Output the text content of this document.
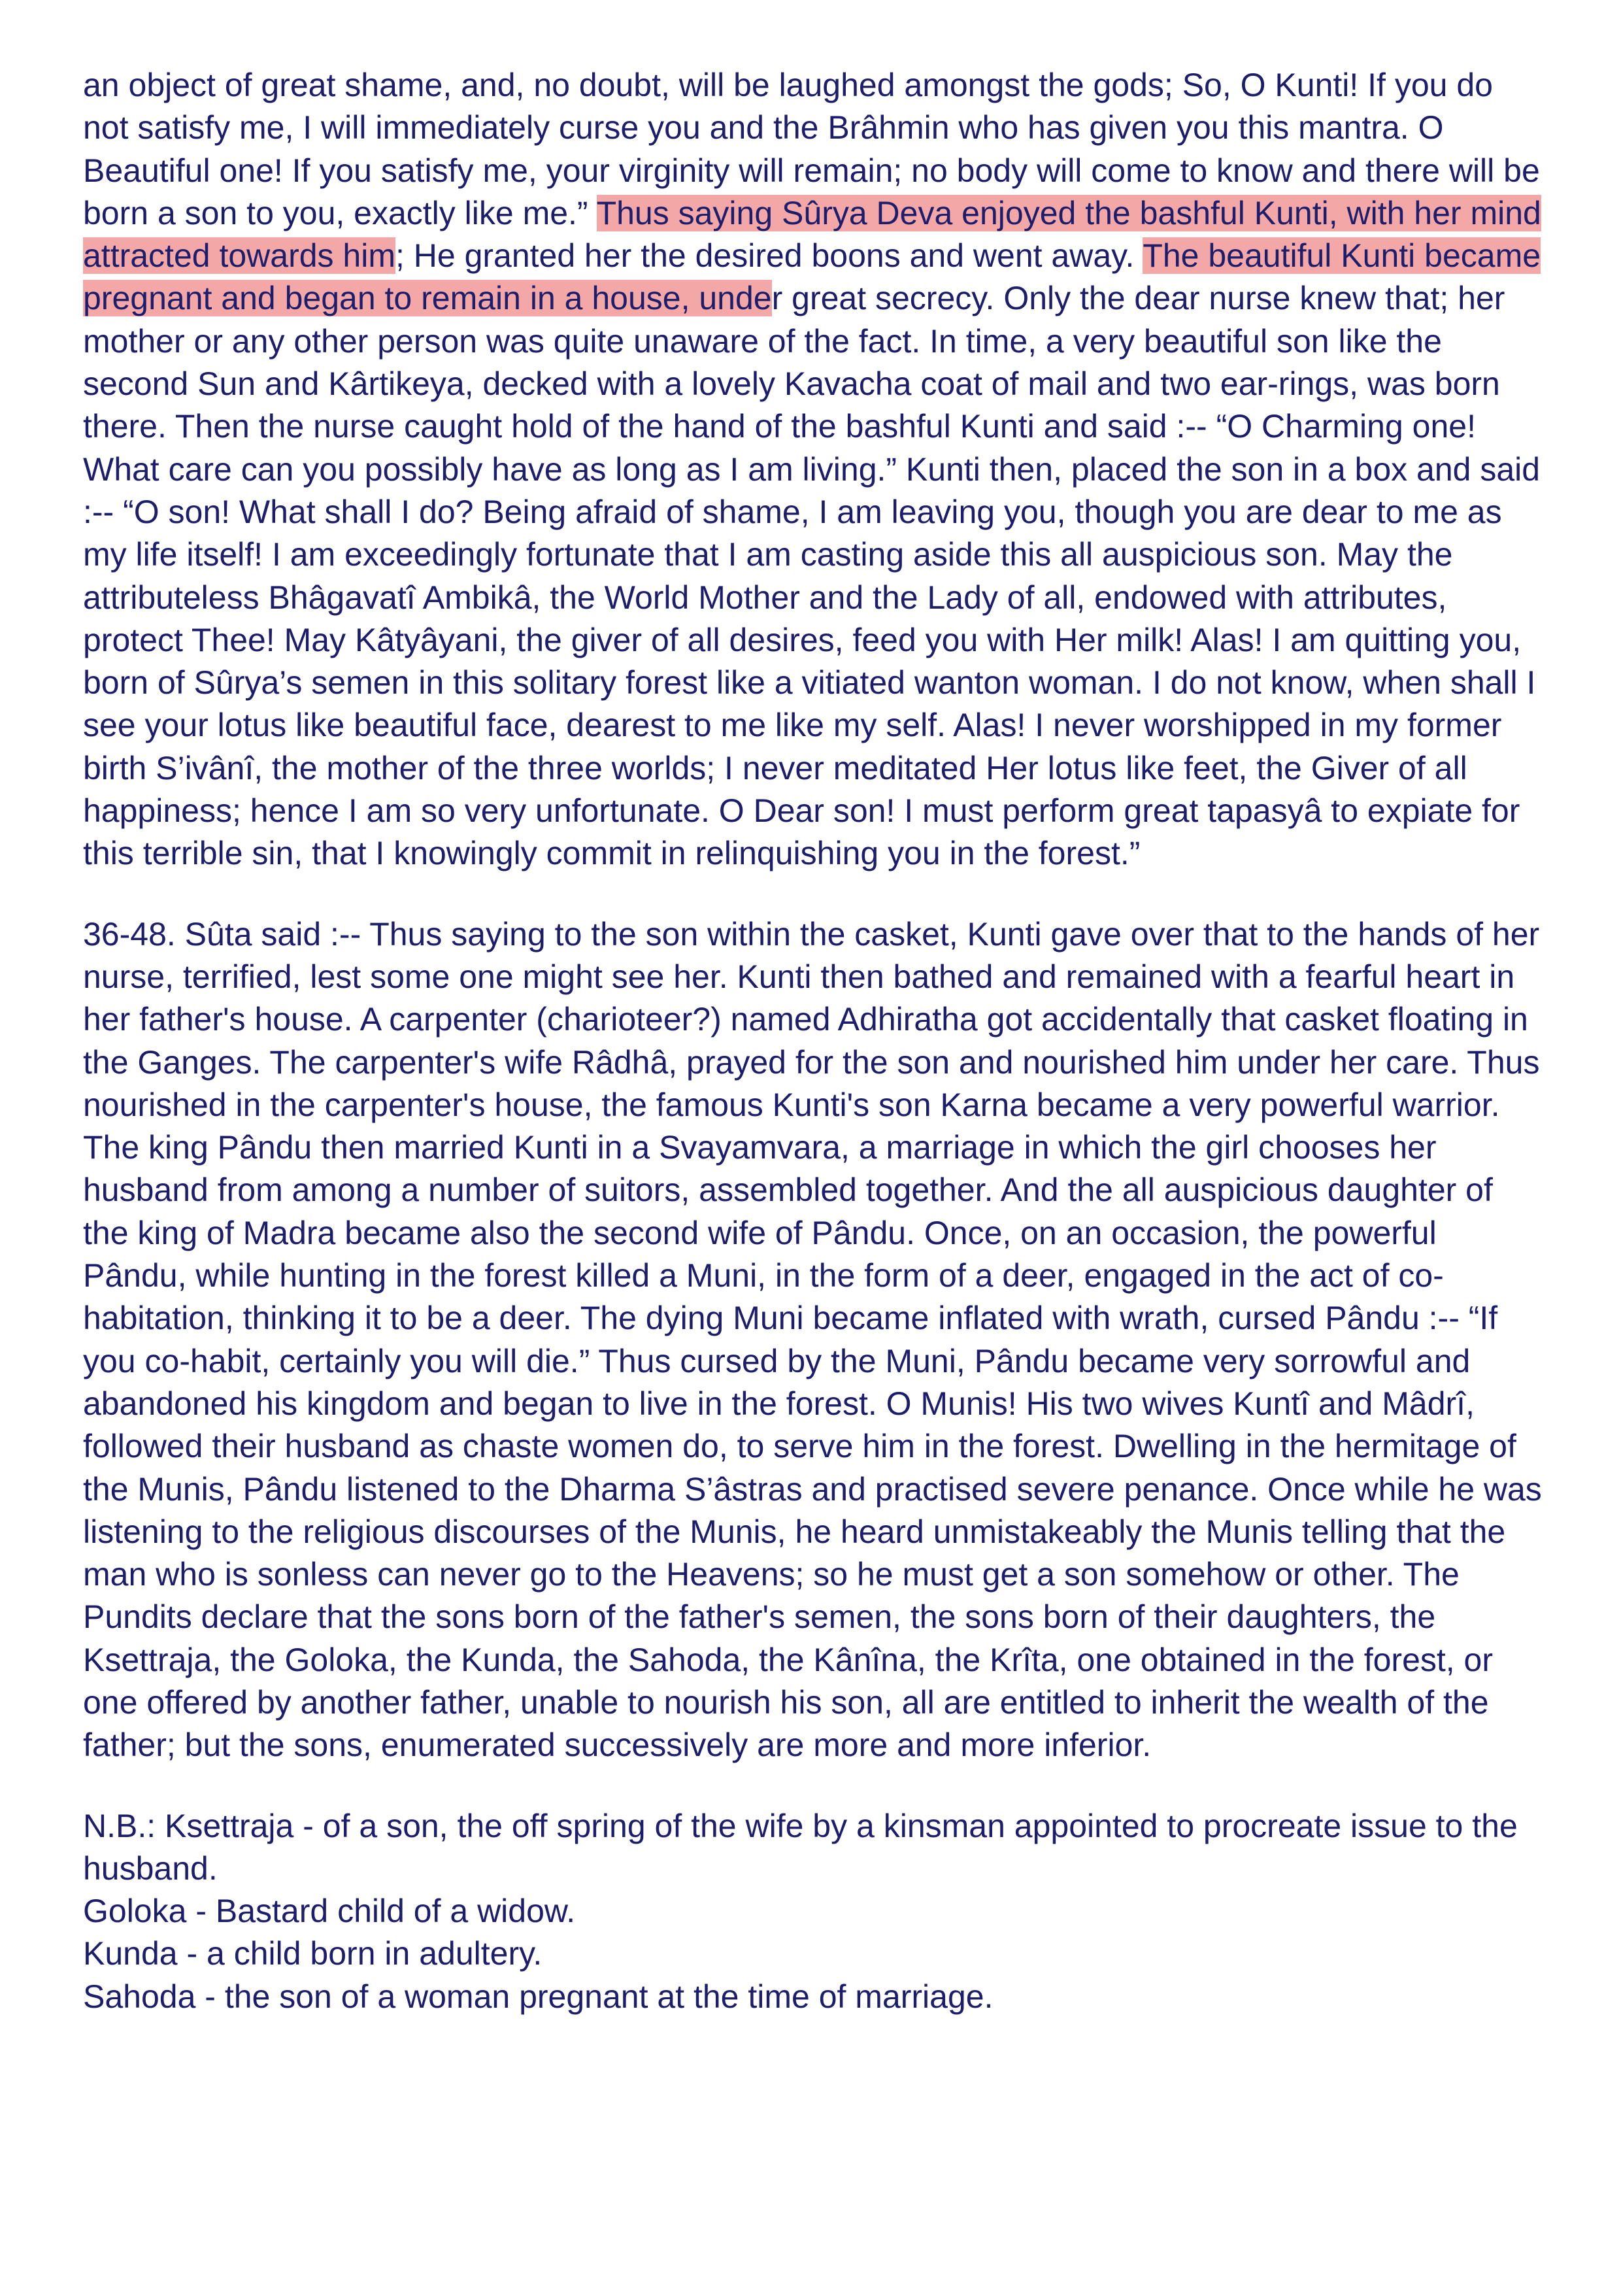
an object of great shame, and, no doubt, will be laughed amongst the gods; So, O Kunti! If you do not satisfy me, I will immediately curse you and the Brâhmin who has given you this mantra. O Beautiful one! If you satisfy me, your virginity will remain; no body will come to know and there will be born a son to you, exactly like me.” Thus saying Sûrya Deva enjoyed the bashful Kunti, with her mind attracted towards him; He granted her the desired boons and went away. The beautiful Kunti became pregnant and began to remain in a house, under great secrecy. Only the dear nurse knew that; her mother or any other person was quite unaware of the fact. In time, a very beautiful son like the second Sun and Kârtikeya, decked with a lovely Kavacha coat of mail and two ear-rings, was born there. Then the nurse caught hold of the hand of the bashful Kunti and said :-- “O Charming one! What care can you possibly have as long as I am living.” Kunti then, placed the son in a box and said :-- “O son! What shall I do? Being afraid of shame, I am leaving you, though you are dear to me as my life itself! I am exceedingly fortunate that I am casting aside this all auspicious son. May the attributeless Bhâgavatî Ambikâ, the World Mother and the Lady of all, endowed with attributes, protect Thee! May Kâtyâyani, the giver of all desires, feed you with Her milk! Alas! I am quitting you, born of Sûrya’s semen in this solitary forest like a vitiated wanton woman. I do not know, when shall I see your lotus like beautiful face, dearest to me like my self. Alas! I never worshipped in my former birth S’ivânî, the mother of the three worlds; I never meditated Her lotus like feet, the Giver of all happiness; hence I am so very unfortunate. O Dear son! I must perform great tapasyâ to expiate for this terrible sin, that I knowingly commit in relinquishing you in the forest.”

36-48. Sûta said :-- Thus saying to the son within the casket, Kunti gave over that to the hands of her nurse, terrified, lest some one might see her. Kunti then bathed and remained with a fearful heart in her father's house. A carpenter (charioteer?) named Adhiratha got accidentally that casket floating in the Ganges. The carpenter's wife Râdhâ, prayed for the son and nourished him under her care. Thus nourished in the carpenter's house, the famous Kunti's son Karna became a very powerful warrior. The king Pându then married Kunti in a Svayamvara, a marriage in which the girl chooses her husband from among a number of suitors, assembled together. And the all auspicious daughter of the king of Madra became also the second wife of Pându. Once, on an occasion, the powerful Pându, while hunting in the forest killed a Muni, in the form of a deer, engaged in the act of co-habitation, thinking it to be a deer. The dying Muni became inflated with wrath, cursed Pându :-- “If you co-habit, certainly you will die.” Thus cursed by the Muni, Pându became very sorrowful and abandoned his kingdom and began to live in the forest. O Munis! His two wives Kuntî and Mâdrî, followed their husband as chaste women do, to serve him in the forest. Dwelling in the hermitage of the Munis, Pându listened to the Dharma S’âstras and practised severe penance. Once while he was listening to the religious discourses of the Munis, he heard unmistakeably the Munis telling that the man who is sonless can never go to the Heavens; so he must get a son somehow or other. The Pundits declare that the sons born of the father's semen, the sons born of their daughters, the Ksettraja, the Goloka, the Kunda, the Sahoda, the Kânîna, the Krîta, one obtained in the forest, or one offered by another father, unable to nourish his son, all are entitled to inherit the wealth of the father; but the sons, enumerated successively are more and more inferior.

N.B.: Ksettraja - of a son, the off spring of the wife by a kinsman appointed to procreate issue to the husband.
Goloka - Bastard child of a widow.
Kunda - a child born in adultery.
Sahoda - the son of a woman pregnant at the time of marriage.
